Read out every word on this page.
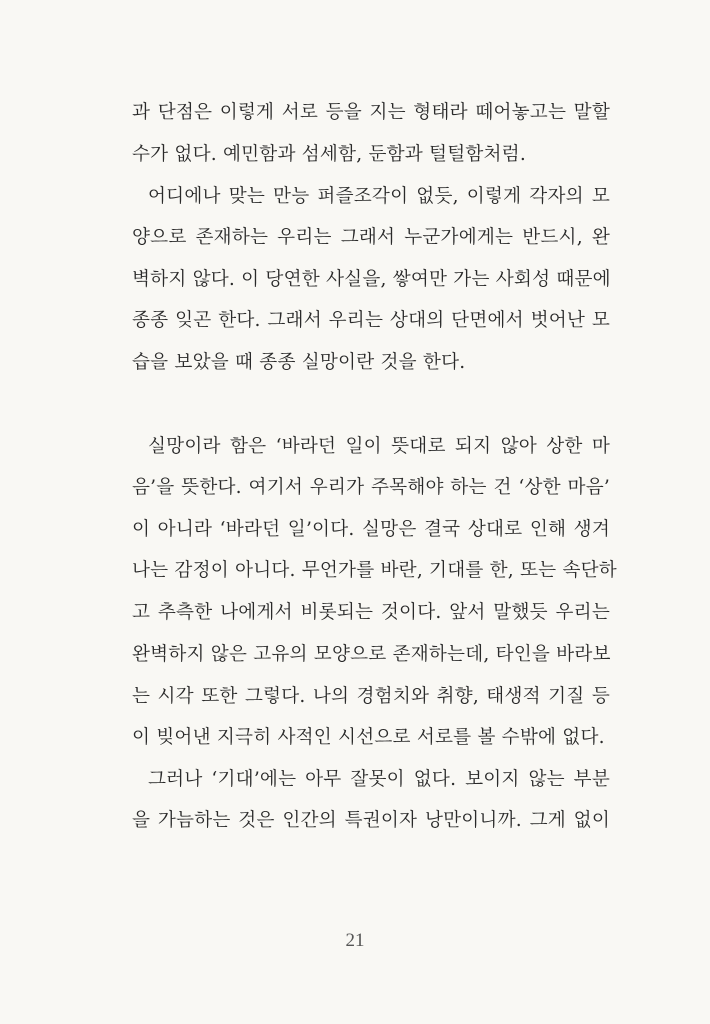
과 단점은 이렇게 서로 등을 지는 형태라 떼어놓고는 말할
수가 없다. 예민함과 섬세함, 둔함과 털털함처럼.
어디에나 맞는 만능 퍼즐조각이 없듯, 이렇게 각자의 모
양으로 존재하는 우리는 그래서 누군가에게는 반드시, 완
벽하지 않다. 이 당연한 사실을, 쌓여만 가는 사회성 때문에
종종 잊곤 한다. 그래서 우리는 상대의 단면에서 벗어난 모
습을 보았을 때 종종 실망이란 것을 한다.
실망이라 함은 ‘바라던 일이 뜻대로 되지 않아 상한 마
음’을 뜻한다. 여기서 우리가 주목해야 하는 건 ‘상한 마음’
이 아니라 ‘바라던 일’이다. 실망은 결국 상대로 인해 생겨
나는 감정이 아니다. 무언가를 바란, 기대를 한, 또는 속단하
고 추측한 나에게서 비롯되는 것이다. 앞서 말했듯 우리는
완벽하지 않은 고유의 모양으로 존재하는데, 타인을 바라보
는 시각 또한 그렇다. 나의 경험치와 취향, 태생적 기질 등
이 빚어낸 지극히 사적인 시선으로 서로를 볼 수밖에 없다.
그러나 ‘기대’에는 아무 잘못이 없다. 보이지 않는 부분
을 가늠하는 것은 인간의 특권이자 낭만이니까. 그게 없이
21
